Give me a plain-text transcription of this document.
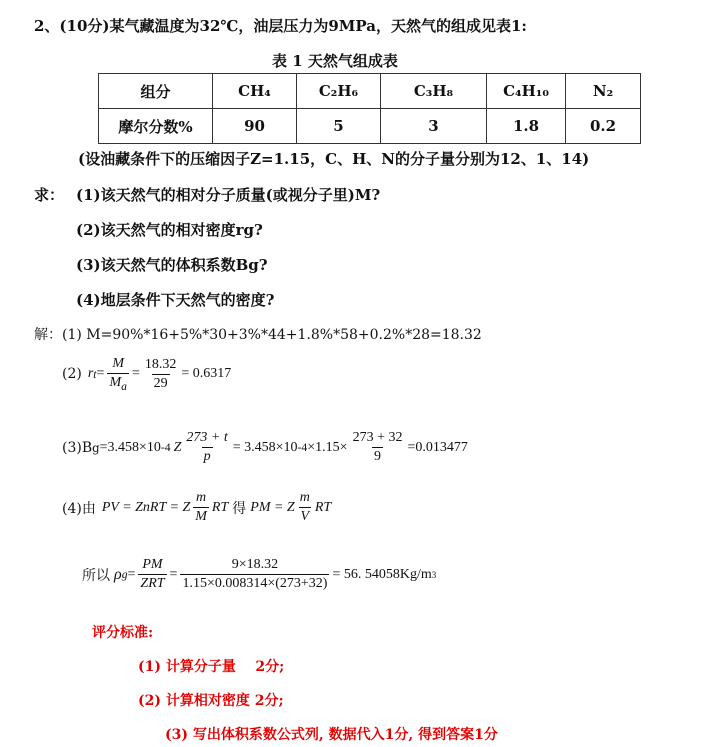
2、(10分)某气藏温度为32℃，油层压力为9MPa，天然气的组成见表1:
表 1 天然气组成表
组分	CH₄	C₂H₆	C₃H₈	C₄H₁₀	N₂
摩尔分数%	90	5	3	1.8	0.2
(设油藏条件下的压缩因子Z=1.15，C、H、N的分子量分别为12、1、14)
求： (1)该天然气的相对分子质量(或视分子里)M?
(2)该天然气的相对密度rg?
(3)该天然气的体积系数Bg?
(4)地层条件下天然气的密度?
解：(1) M=90%*16+5%*30+3%*44+1.8%*58+0.2%*28=18.32
(2) r $t = \frac{M}{M_a} = \frac{18.32}{29} = 0.6317$
(3)B g =3.458×10 -4 Z $\frac{273 + t}{p} = 3.458\times 10$ $-4 \times 1.15\times \frac{273 + 32}{9} =0.013477$
(4)由 PV = ZnRT = Z $\frac{m}{M}$ RT 得 PM = Z $\frac{m}{V}$ RT
所以 ρ $g = \frac{PM}{\text{ZRT}} = \frac{9\times 18.32}{1.15\times 0.008314\times(273+32)} = 56$. 54058Kg/m 3
评分标准:
(1) 计算分子量    2分;
(2) 计算相对密度 2分;
(3) 写出体积系数公式列, 数据代入1分, 得到答案1分
